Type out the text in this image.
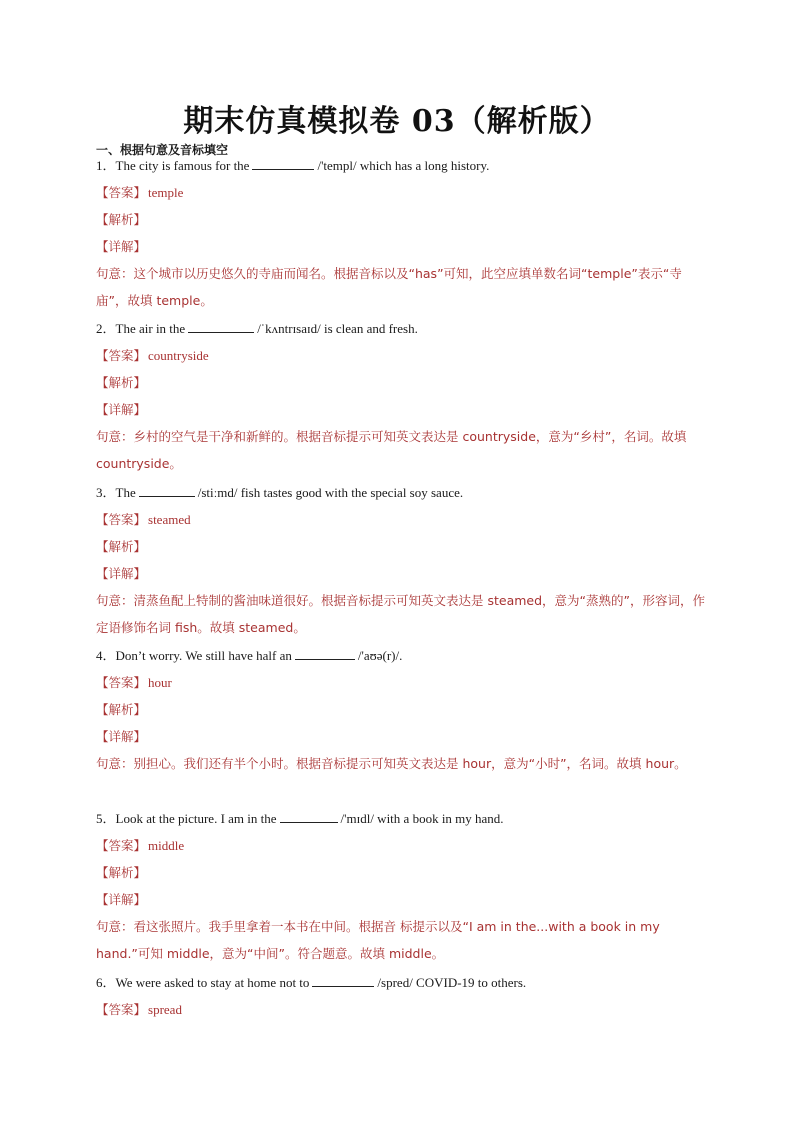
期末仿真模拟卷 03（解析版）
一、根据句意及音标填空
1．The city is famous for the	/'templ/ which has a long history.
【答案】 temple
【解析】
【详解】
句意：这个城市以历史悠久的寺庙而闻名。根据音标以及“has”可知，此空应填单数名词“temple”表示“寺庙”，故填 temple。
2．The air in the	/ˈkʌntrɪsaɪd/ is clean and fresh.
【答案】 countryside
【解析】
【详解】
句意：乡村的空气是干净和新鲜的。根据音标提示可知英文表达是 countryside，意为“乡村”，名词。故填 countryside。
3．The	/stiːmd/ fish tastes good with the special soy sauce.
【答案】 steamed
【解析】
【详解】
句意：清蒸鱼配上特制的酱油味道很好。根据音标提示可知英文表达是 steamed，意为“蒸熟的”，形容词，作定语修饰名词 fish。故填 steamed。
4．Don’t worry. We still have half an	/'aʊə(r)/.
【答案】 hour
【解析】
【详解】
句意：别担心。我们还有半个小时。根据音标提示可知英文表达是 hour，意为“小时”，名词。故填 hour。
5．Look at the picture. I am in the	/'mɪdl/ with a book in my hand.
【答案】 middle
【解析】
【详解】
句意：看这张照片。我手里拿着一本书在中间。根据音 标提示以及“I am in the...with a book in my hand.”可知 middle，意为“中间”。符合题意。故填 middle。
6．We were asked to stay at home not to	/spred/ COVID-19 to others.
【答案】 spread
